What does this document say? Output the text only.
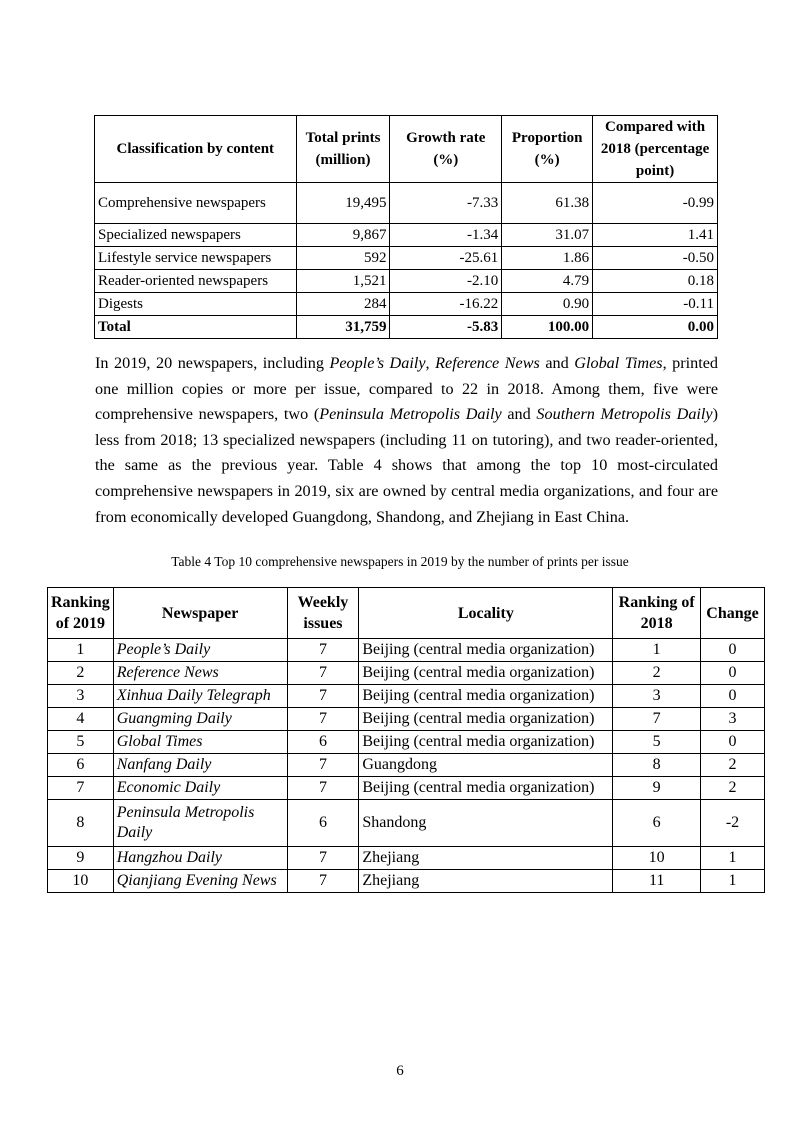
Classification by content	Total prints (million)	Growth rate (%)	Proportion (%)	Compared with 2018 (percentage point)
Comprehensive newspapers	19,495	-7.33	61.38	-0.99
Specialized newspapers	9,867	-1.34	31.07	1.41
Lifestyle service newspapers	592	-25.61	1.86	-0.50
Reader-oriented newspapers	1,521	-2.10	4.79	0.18
Digests	284	-16.22	0.90	-0.11
Total	31,759	-5.83	100.00	0.00

In 2019, 20 newspapers, including People’s Daily, Reference News and Global Times, printed one million copies or more per issue, compared to 22 in 2018. Among them, five were comprehensive newspapers, two (Peninsula Metropolis Daily and Southern Metropolis Daily) less from 2018; 13 specialized newspapers (including 11 on tutoring), and two reader-oriented, the same as the previous year. Table 4 shows that among the top 10 most-circulated comprehensive newspapers in 2019, six are owned by central media organizations, and four are from economically developed Guangdong, Shandong, and Zhejiang in East China.

Table 4 Top 10 comprehensive newspapers in 2019 by the number of prints per issue

Ranking of 2019	Newspaper	Weekly issues	Locality	Ranking of 2018	Change
1	People’s Daily	7	Beijing (central media organization)	1	0
2	Reference News	7	Beijing (central media organization)	2	0
3	Xinhua Daily Telegraph	7	Beijing (central media organization)	3	0
4	Guangming Daily	7	Beijing (central media organization)	7	3
5	Global Times	6	Beijing (central media organization)	5	0
6	Nanfang Daily	7	Guangdong	8	2
7	Economic Daily	7	Beijing (central media organization)	9	2
8	Peninsula Metropolis Daily	6	Shandong	6	-2
9	Hangzhou Daily	7	Zhejiang	10	1
10	Qianjiang Evening News	7	Zhejiang	11	1

6
